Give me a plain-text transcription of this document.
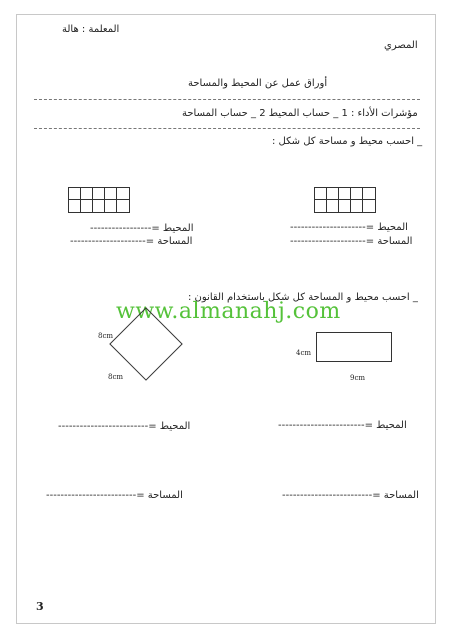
المعلمة : هالة
المصري
أوراق عمل عن المحيط والمساحة
مؤشرات الأداء : 1 _ حساب المحيط 2 _ حساب المساحة
_ احسب محيط و مساحة كل شكل :
المحيط =---------------------
المساحة =---------------------
المحيط =-----------------
المساحة =---------------------
_ احسب محيط و المساحة كل شكل باستخدام القانون :
www.almanahj.com
8cm
8cm
4cm
9cm
المحيط =------------------------
المحيط =-------------------------
المساحة =-------------------------
المساحة =-------------------------
3
